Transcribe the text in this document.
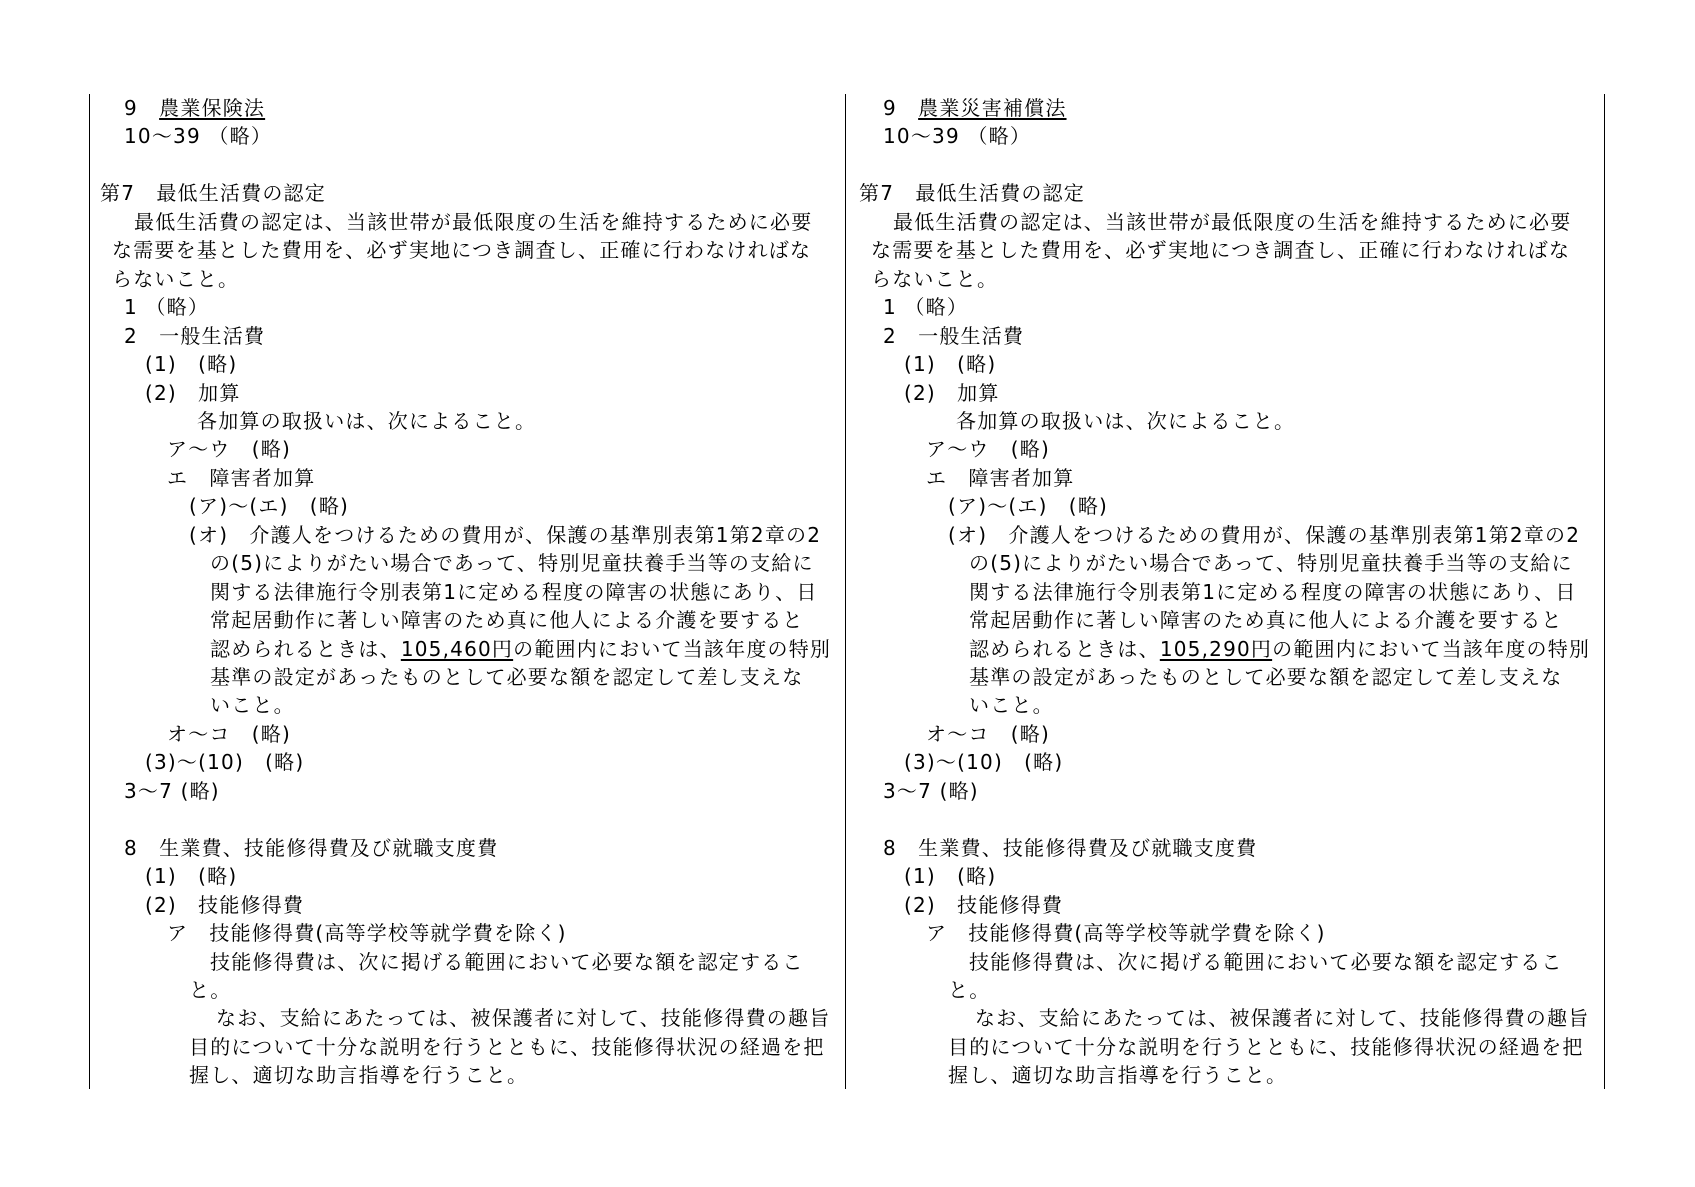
9　農業保険法
10～39 （略）
第7　最低生活費の認定
最低生活費の認定は、当該世帯が最低限度の生活を維持するために必要
な需要を基とした費用を、必ず実地につき調査し、正確に行わなければな
らないこと。
1 （略）
2　一般生活費
(1)　(略)
(2)　加算
各加算の取扱いは、次によること。
ア～ウ　(略)
エ　障害者加算
(ア)～(エ)　(略)
(オ)　介護人をつけるための費用が、保護の基準別表第1第2章の2
の(5)によりがたい場合であって、特別児童扶養手当等の支給に
関する法律施行令別表第1に定める程度の障害の状態にあり、日
常起居動作に著しい障害のため真に他人による介護を要すると
認められるときは、105,460円の範囲内において当該年度の特別
基準の設定があったものとして必要な額を認定して差し支えな
いこと。
オ～コ　(略)
(3)～(10)　(略)
3～7 (略)
8　生業費、技能修得費及び就職支度費
(1)　(略)
(2)　技能修得費
ア　技能修得費(高等学校等就学費を除く)
技能修得費は、次に掲げる範囲において必要な額を認定するこ
と。
なお、支給にあたっては、被保護者に対して、技能修得費の趣旨
目的について十分な説明を行うとともに、技能修得状況の経過を把
握し、適切な助言指導を行うこと。
9　農業災害補償法
10～39 （略）
第7　最低生活費の認定
最低生活費の認定は、当該世帯が最低限度の生活を維持するために必要
な需要を基とした費用を、必ず実地につき調査し、正確に行わなければな
らないこと。
1 （略）
2　一般生活費
(1)　(略)
(2)　加算
各加算の取扱いは、次によること。
ア～ウ　(略)
エ　障害者加算
(ア)～(エ)　(略)
(オ)　介護人をつけるための費用が、保護の基準別表第1第2章の2
の(5)によりがたい場合であって、特別児童扶養手当等の支給に
関する法律施行令別表第1に定める程度の障害の状態にあり、日
常起居動作に著しい障害のため真に他人による介護を要すると
認められるときは、105,290円の範囲内において当該年度の特別
基準の設定があったものとして必要な額を認定して差し支えな
いこと。
オ～コ　(略)
(3)～(10)　(略)
3～7 (略)
8　生業費、技能修得費及び就職支度費
(1)　(略)
(2)　技能修得費
ア　技能修得費(高等学校等就学費を除く)
技能修得費は、次に掲げる範囲において必要な額を認定するこ
と。
なお、支給にあたっては、被保護者に対して、技能修得費の趣旨
目的について十分な説明を行うとともに、技能修得状況の経過を把
握し、適切な助言指導を行うこと。
